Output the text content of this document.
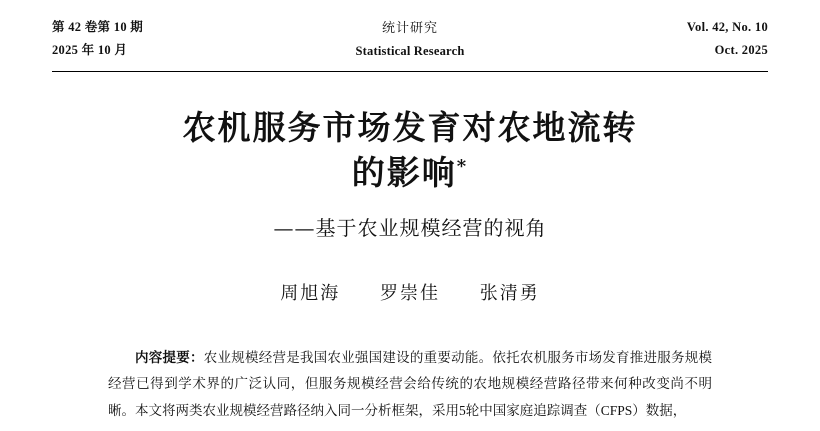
第 42 卷第 10 期
2025 年 10 月
统计研究
Statistical Research
Vol. 42, No. 10
Oct. 2025
农机服务市场发育对农地流转
的影响*
——基于农业规模经营的视角
周旭海 罗崇佳 张清勇

内容提要：农业规模经营是我国农业强国建设的重要动能。依托农机服务市场发育推进服务规模经营已得到学术界的广泛认同，但服务规模经营会给传统的农地规模经营路径带来何种改变尚不明晰。本文将两类农业规模经营路径纳入同一分析框架，采用5轮中国家庭追踪调查（CFPS）数据，
